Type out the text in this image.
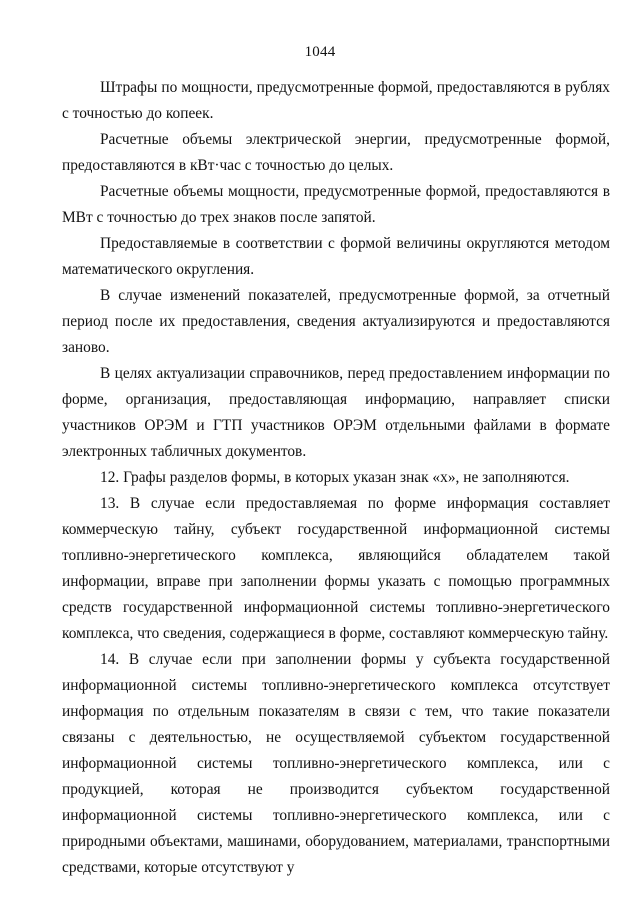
1044

Штрафы по мощности, предусмотренные формой, предоставляются в рублях с точностью до копеек.

Расчетные объемы электрической энергии, предусмотренные формой, предоставляются в кВт·час с точностью до целых.

Расчетные объемы мощности, предусмотренные формой, предоставляются в МВт с точностью до трех знаков после запятой.

Предоставляемые в соответствии с формой величины округляются методом математического округления.

В случае изменений показателей, предусмотренные формой, за отчетный период после их предоставления, сведения актуализируются и предоставляются заново.

В целях актуализации справочников, перед предоставлением информации по форме, организация, предоставляющая информацию, направляет списки участников ОРЭМ и ГТП участников ОРЭМ отдельными файлами в формате электронных табличных документов.

12. Графы разделов формы, в которых указан знак «х», не заполняются.

13. В случае если предоставляемая по форме информация составляет коммерческую тайну, субъект государственной информационной системы топливно-энергетического комплекса, являющийся обладателем такой информации, вправе при заполнении формы указать с помощью программных средств государственной информационной системы топливно-энергетического комплекса, что сведения, содержащиеся в форме, составляют коммерческую тайну.

14. В случае если при заполнении формы у субъекта государственной информационной системы топливно-энергетического комплекса отсутствует информация по отдельным показателям в связи с тем, что такие показатели связаны с деятельностью, не осуществляемой субъектом государственной информационной системы топливно-энергетического комплекса, или с продукцией, которая не производится субъектом государственной информационной системы топливно-энергетического комплекса, или с природными объектами, машинами, оборудованием, материалами, транспортными средствами, которые отсутствуют у
